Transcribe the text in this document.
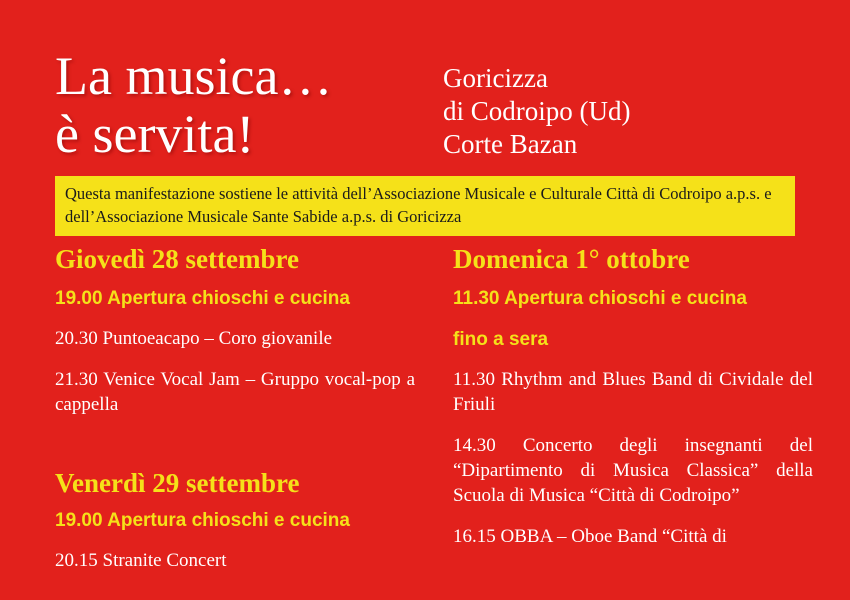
La musica…
è servita!
Goricizza
di Codroipo (Ud)
Corte Bazan
Questa manifestazione sostiene le attività dell’Associazione Musicale e Culturale Città di Codroipo a.p.s. e dell’Associazione Musicale Sante Sabide a.p.s. di Goricizza
Giovedì 28 settembre
19.00 Apertura chioschi e cucina
20.30 Puntoeacapo – Coro giovanile
21.30 Venice Vocal Jam – Gruppo vocal-pop a cappella
Venerdì 29 settembre
19.00 Apertura chioschi e cucina
20.15 Stranite Concert
Domenica 1° ottobre
11.30 Apertura chioschi e cucina
fino a sera
11.30 Rhythm and Blues Band di Cividale del Friuli
14.30 Concerto degli insegnanti del “Dipartimento di Musica Classica” della Scuola di Musica “Città di Codroipo”
16.15 OBBA – Oboe Band “Città di
